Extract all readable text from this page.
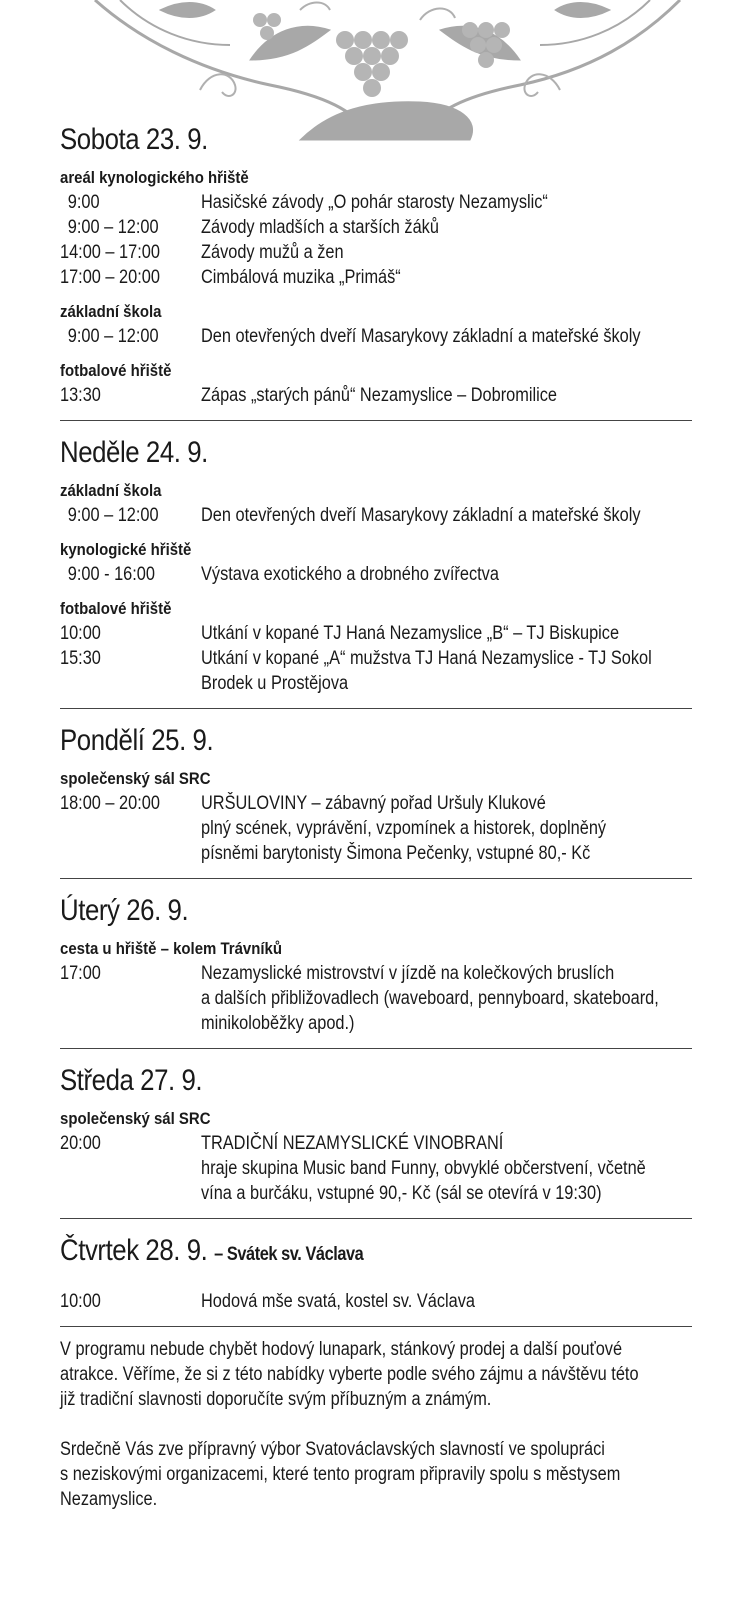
Sobota 23. 9.
areál kynologického hřiště
9:00	Hasičské závody „O pohár starosty Nezamyslic“
9:00 – 12:00	Závody mladších a starších žáků
14:00 – 17:00	Závody mužů a žen
17:00 – 20:00	Cimbálová muzika „Primáš“
základní škola
9:00 – 12:00	Den otevřených dveří Masarykovy základní a mateřské školy
fotbalové hřiště
13:30	Zápas „starých pánů“ Nezamyslice – Dobromilice
Neděle 24. 9.
základní škola
9:00 – 12:00	Den otevřených dveří Masarykovy základní a mateřské školy
kynologické hřiště
9:00 - 16:00	Výstava exotického a drobného zvířectva
fotbalové hřiště
10:00	Utkání v kopané TJ Haná Nezamyslice „B“ – TJ Biskupice
15:30	Utkání v kopané „A“ mužstva TJ Haná Nezamyslice - TJ Sokol
Brodek u Prostějova
Pondělí 25. 9.
společenský sál SRC
18:00 – 20:00	URŠULOVINY – zábavný pořad Uršuly Klukové
plný scének, vyprávění, vzpomínek a historek, doplněný
písněmi barytonisty Šimona Pečenky, vstupné 80,- Kč
Úterý 26. 9.
cesta u hřiště – kolem Trávníků
17:00	Nezamyslické mistrovství v jízdě na kolečkových bruslích
a dalších přibližovadlech (waveboard, pennyboard, skateboard,
minikoloběžky apod.)
Středa 27. 9.
společenský sál SRC
20:00	TRADIČNÍ NEZAMYSLICKÉ VINOBRANÍ
hraje skupina Music band Funny, obvyklé občerstvení, včetně
vína a burčáku, vstupné 90,- Kč (sál se otevírá v 19:30)
Čtvrtek 28. 9. – Svátek sv. Václava
10:00	Hodová mše svatá, kostel sv. Václava
V programu nebude chybět hodový lunapark, stánkový prodej a další pouťové
atrakce. Věříme, že si z této nabídky vyberte podle svého zájmu a návštěvu této
již tradiční slavnosti doporučíte svým příbuzným a známým.
Srdečně Vás zve přípravný výbor Svatováclavských slavností ve spolupráci
s neziskovými organizacemi, které tento program připravily spolu s městysem
Nezamyslice.
